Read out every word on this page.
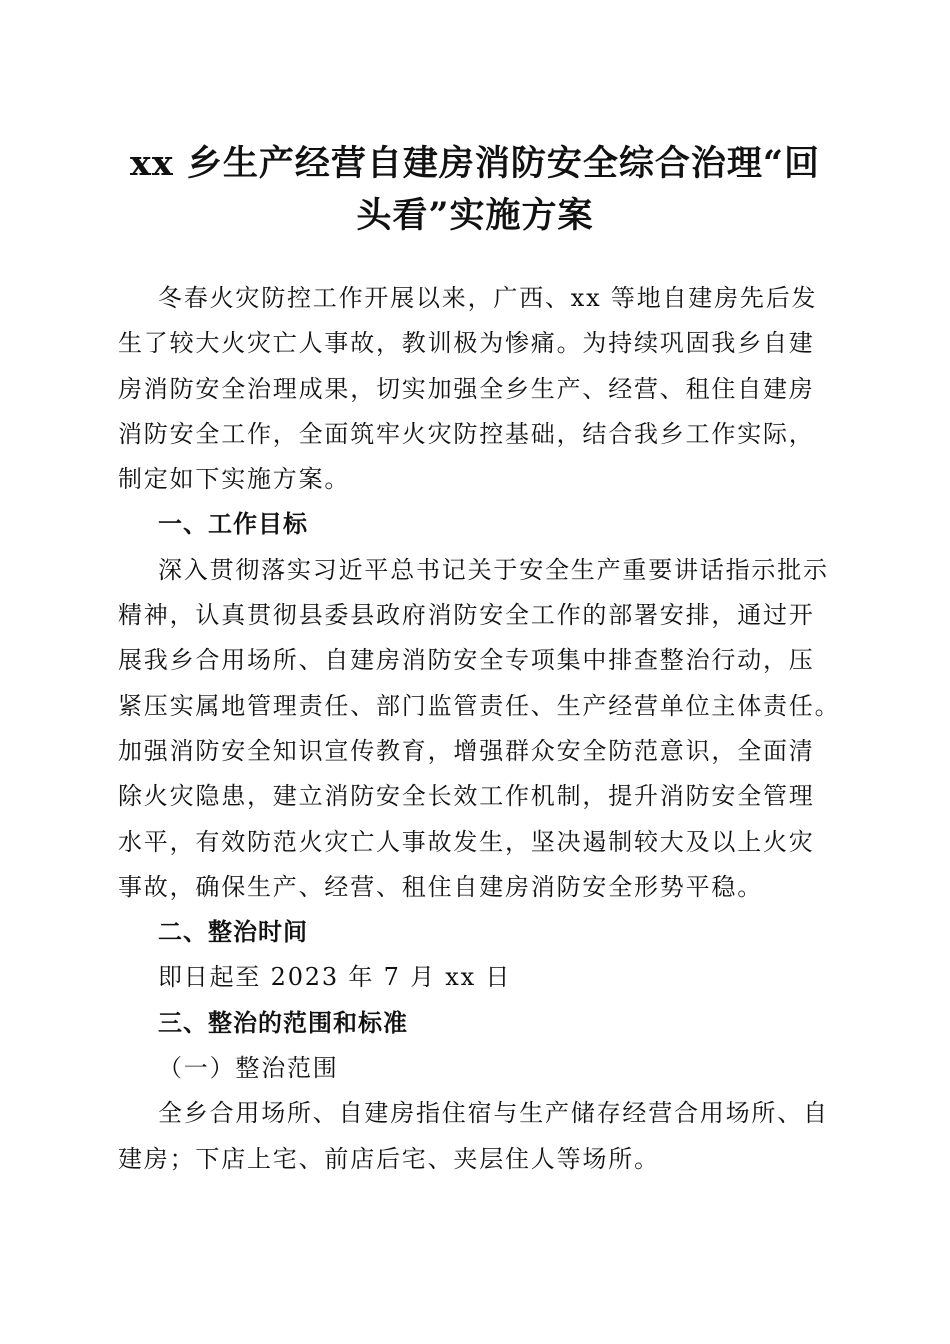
xx 乡生产经营自建房消防安全综合治理“回
头看”实施方案
冬春火灾防控工作开展以来，广西、xx 等地自建房先后发
生了较大火灾亡人事故，教训极为惨痛。为持续巩固我乡自建
房消防安全治理成果，切实加强全乡生产、经营、租住自建房
消防安全工作，全面筑牢火灾防控基础，结合我乡工作实际，
制定如下实施方案。
一、工作目标
深入贯彻落实习近平总书记关于安全生产重要讲话指示批示
精神，认真贯彻县委县政府消防安全工作的部署安排，通过开
展我乡合用场所、自建房消防安全专项集中排查整治行动，压
紧压实属地管理责任、部门监管责任、生产经营单位主体责任。
加强消防安全知识宣传教育，增强群众安全防范意识，全面清
除火灾隐患，建立消防安全长效工作机制，提升消防安全管理
水平，有效防范火灾亡人事故发生，坚决遏制较大及以上火灾
事故，确保生产、经营、租住自建房消防安全形势平稳。
二、整治时间
即日起至 2023 年 7 月 xx 日
三、整治的范围和标准
（一）整治范围
全乡合用场所、自建房指住宿与生产储存经营合用场所、自
建房；下店上宅、前店后宅、夹层住人等场所。
